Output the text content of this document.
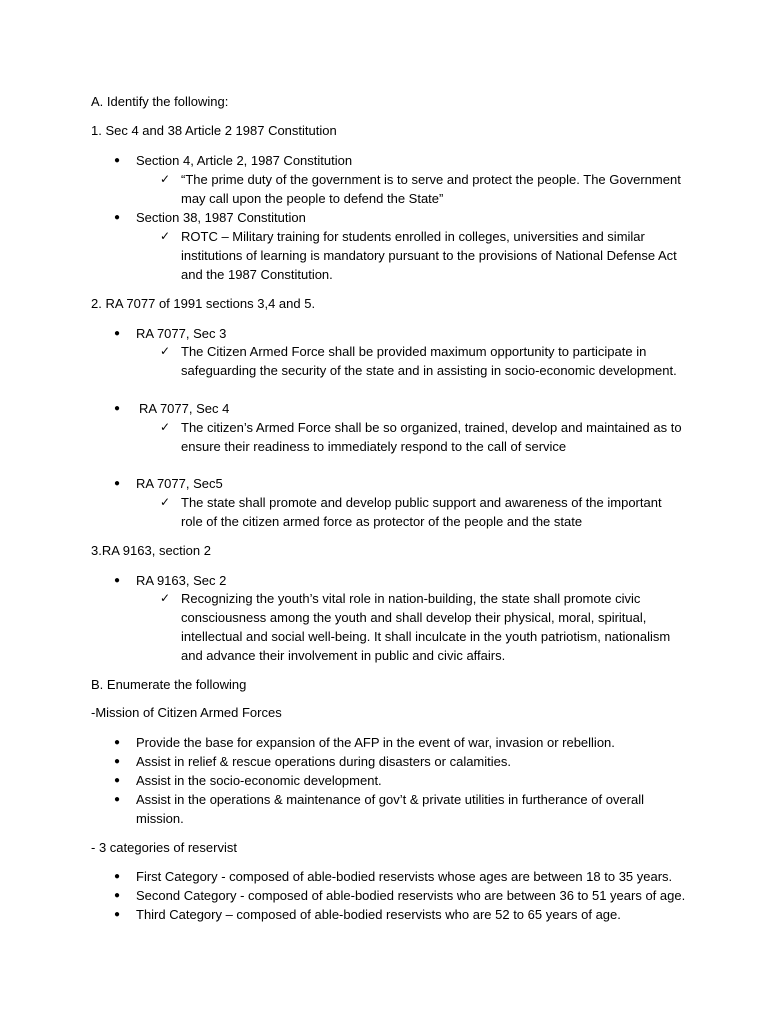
A. Identify the following:
1. Sec 4 and 38 Article 2 1987 Constitution
● Section 4, Article 2, 1987 Constitution
✓ “The prime duty of the government is to serve and protect the people. The Government
may call upon the people to defend the State”
● Section 38, 1987 Constitution
✓ ROTC – Military training for students enrolled in colleges, universities and similar
institutions of learning is mandatory pursuant to the provisions of National Defense Act
and the 1987 Constitution.
2. RA 7077 of 1991 sections 3,4 and 5.
● RA 7077, Sec 3
✓ The Citizen Armed Force shall be provided maximum opportunity to participate in
safeguarding the security of the state and in assisting in socio-economic development.
● RA 7077, Sec 4
✓ The citizen’s Armed Force shall be so organized, trained, develop and maintained as to
ensure their readiness to immediately respond to the call of service
● RA 7077, Sec5
✓ The state shall promote and develop public support and awareness of the important
role of the citizen armed force as protector of the people and the state
3.RA 9163, section 2
● RA 9163, Sec 2
✓ Recognizing the youth’s vital role in nation-building, the state shall promote civic
consciousness among the youth and shall develop their physical, moral, spiritual,
intellectual and social well-being. It shall inculcate in the youth patriotism, nationalism
and advance their involvement in public and civic affairs.
B. Enumerate the following
-Mission of Citizen Armed Forces
● Provide the base for expansion of the AFP in the event of war, invasion or rebellion.
● Assist in relief & rescue operations during disasters or calamities.
● Assist in the socio-economic development.
● Assist in the operations & maintenance of gov’t & private utilities in furtherance of overall
mission.
- 3 categories of reservist
● First Category - composed of able-bodied reservists whose ages are between 18 to 35 years.
● Second Category - composed of able-bodied reservists who are between 36 to 51 years of age.
● Third Category – composed of able-bodied reservists who are 52 to 65 years of age.
